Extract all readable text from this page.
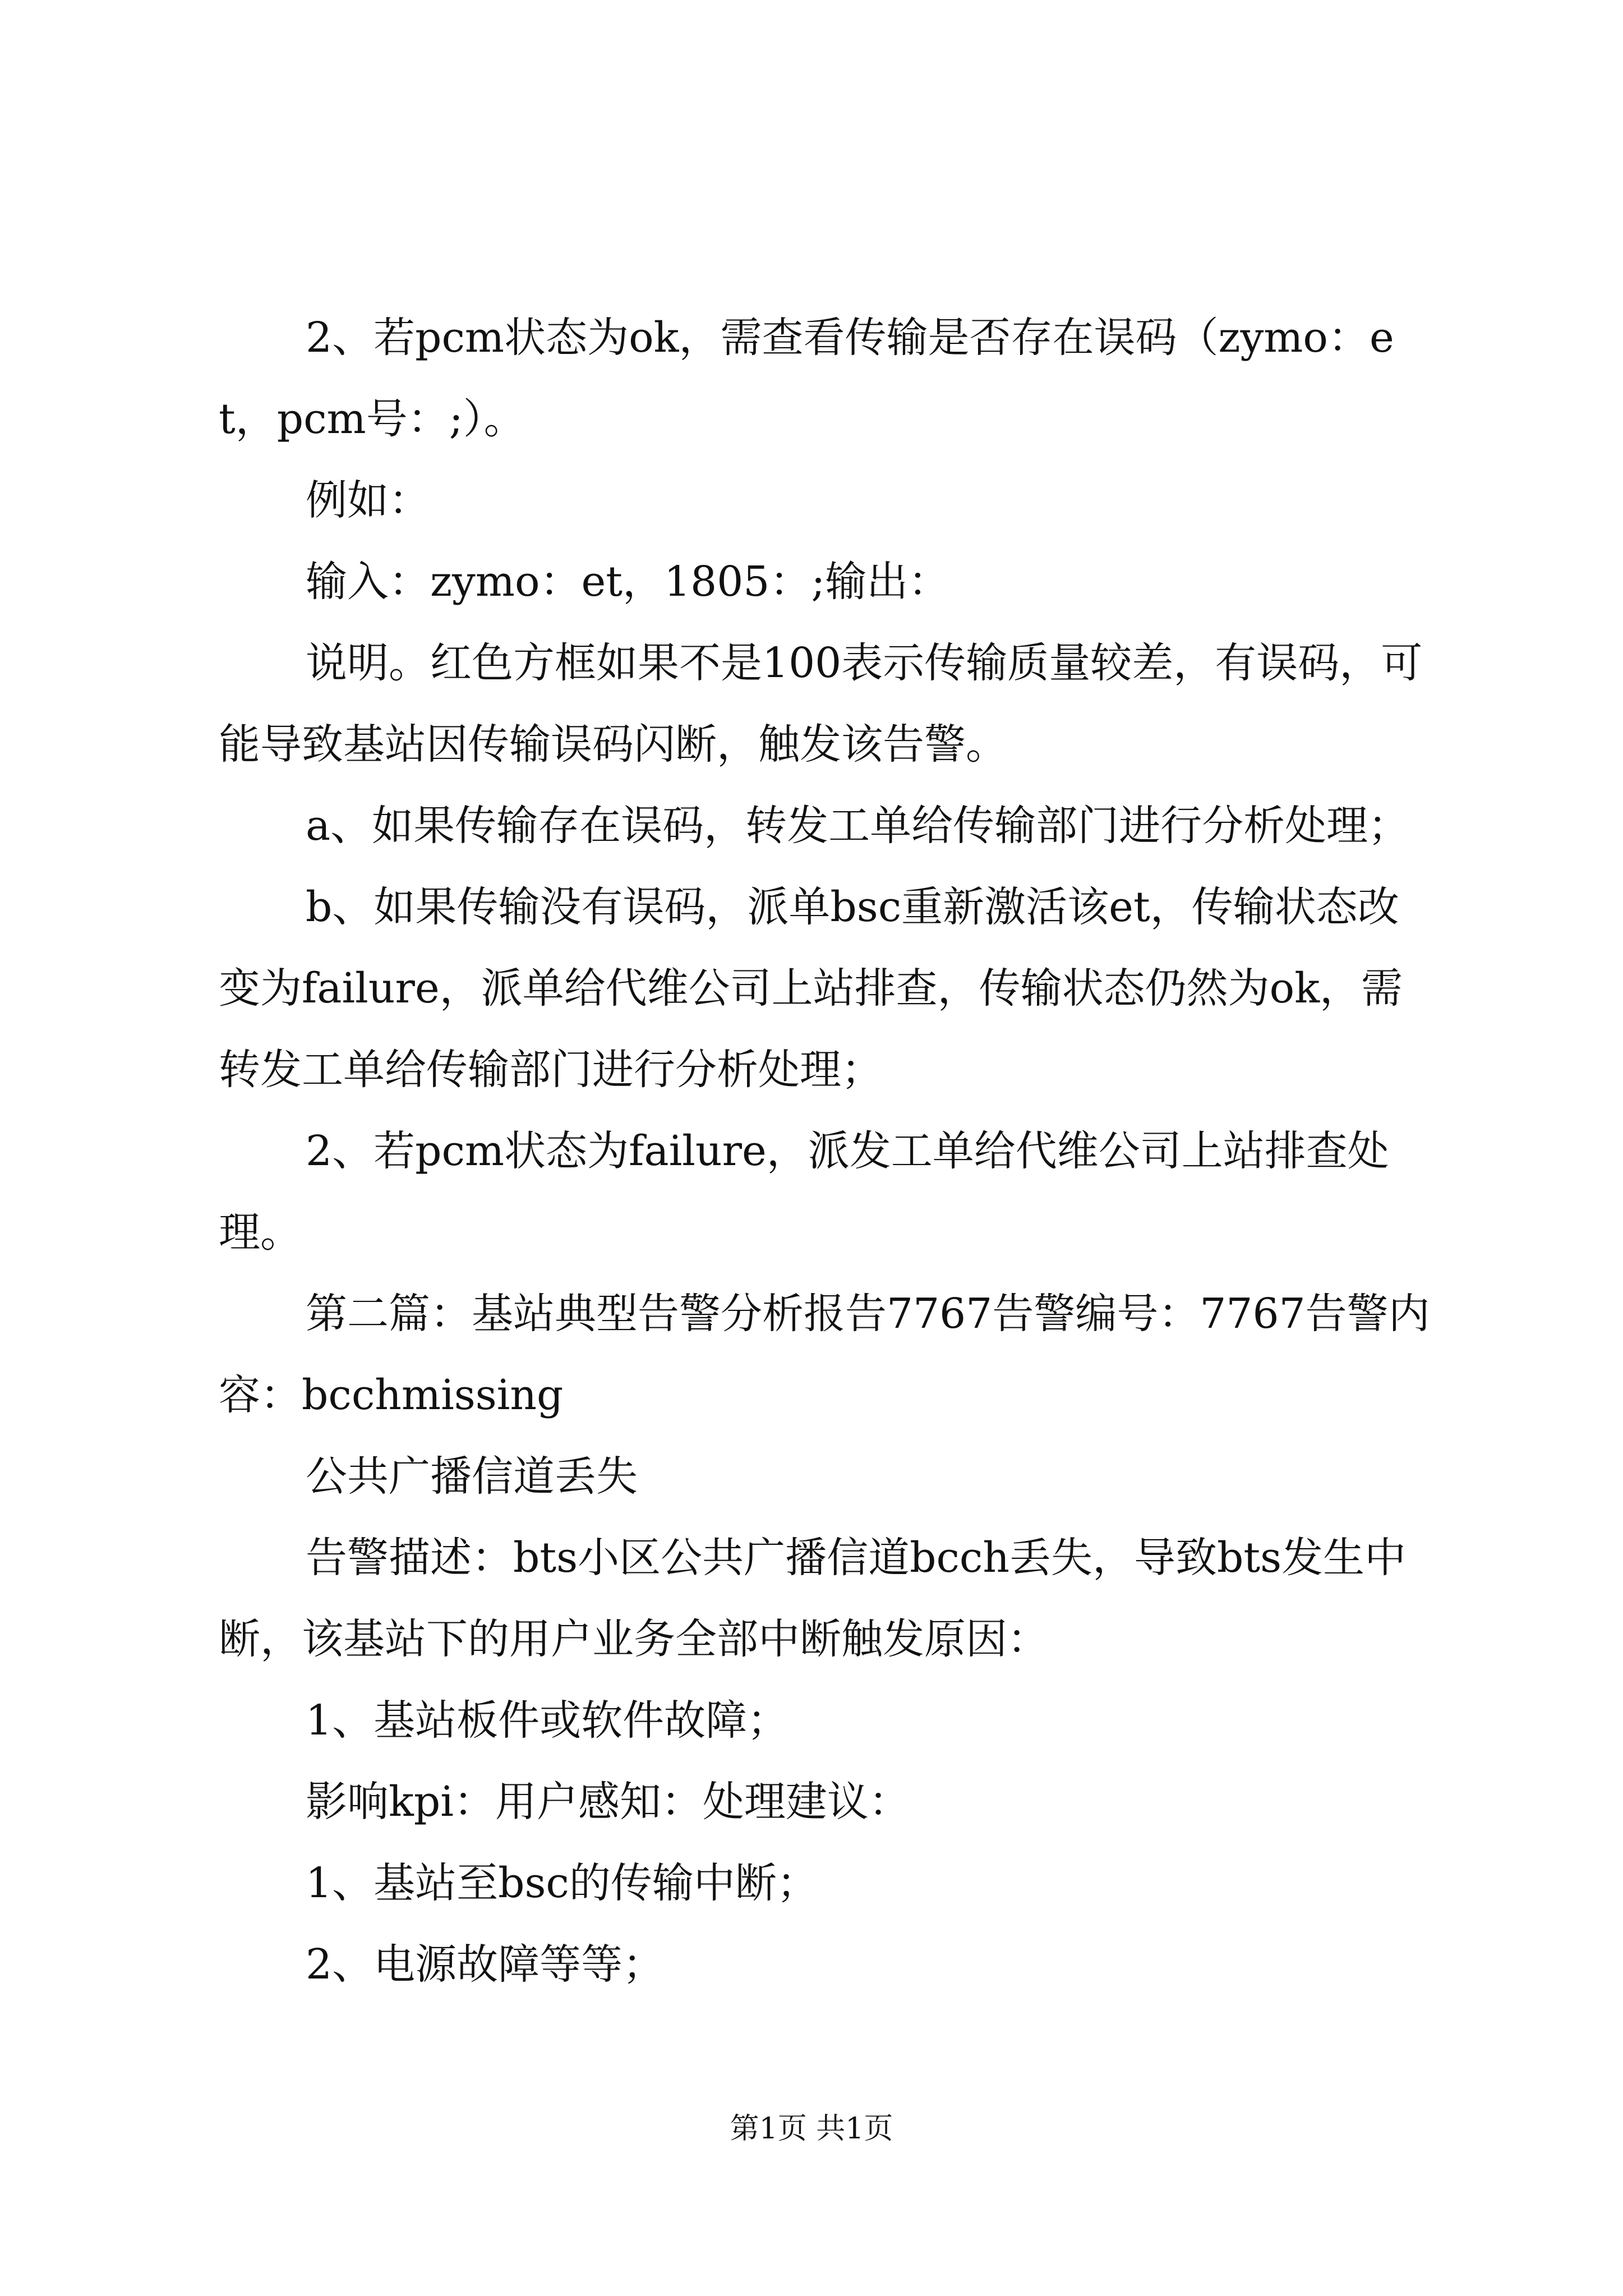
2、若pcm状态为ok，需查看传输是否存在误码（zymo：et，pcm号：;）。

例如：

输入：zymo：et，1805：;输出：

说明。红色方框如果不是100表示传输质量较差，有误码，可能导致基站因传输误码闪断，触发该告警。

a、如果传输存在误码，转发工单给传输部门进行分析处理；

b、如果传输没有误码，派单bsc重新激活该et，传输状态改变为failure，派单给代维公司上站排查，传输状态仍然为ok，需转发工单给传输部门进行分析处理；

2、若pcm状态为failure，派发工单给代维公司上站排查处理。

第二篇：基站典型告警分析报告7767告警编号：7767告警内容：bcchmissing

公共广播信道丢失

告警描述：bts小区公共广播信道bcch丢失，导致bts发生中断，该基站下的用户业务全部中断触发原因：

1、基站板件或软件故障；

影响kpi：用户感知：处理建议：

1、基站至bsc的传输中断；

2、电源故障等等；

第1页 共1页
